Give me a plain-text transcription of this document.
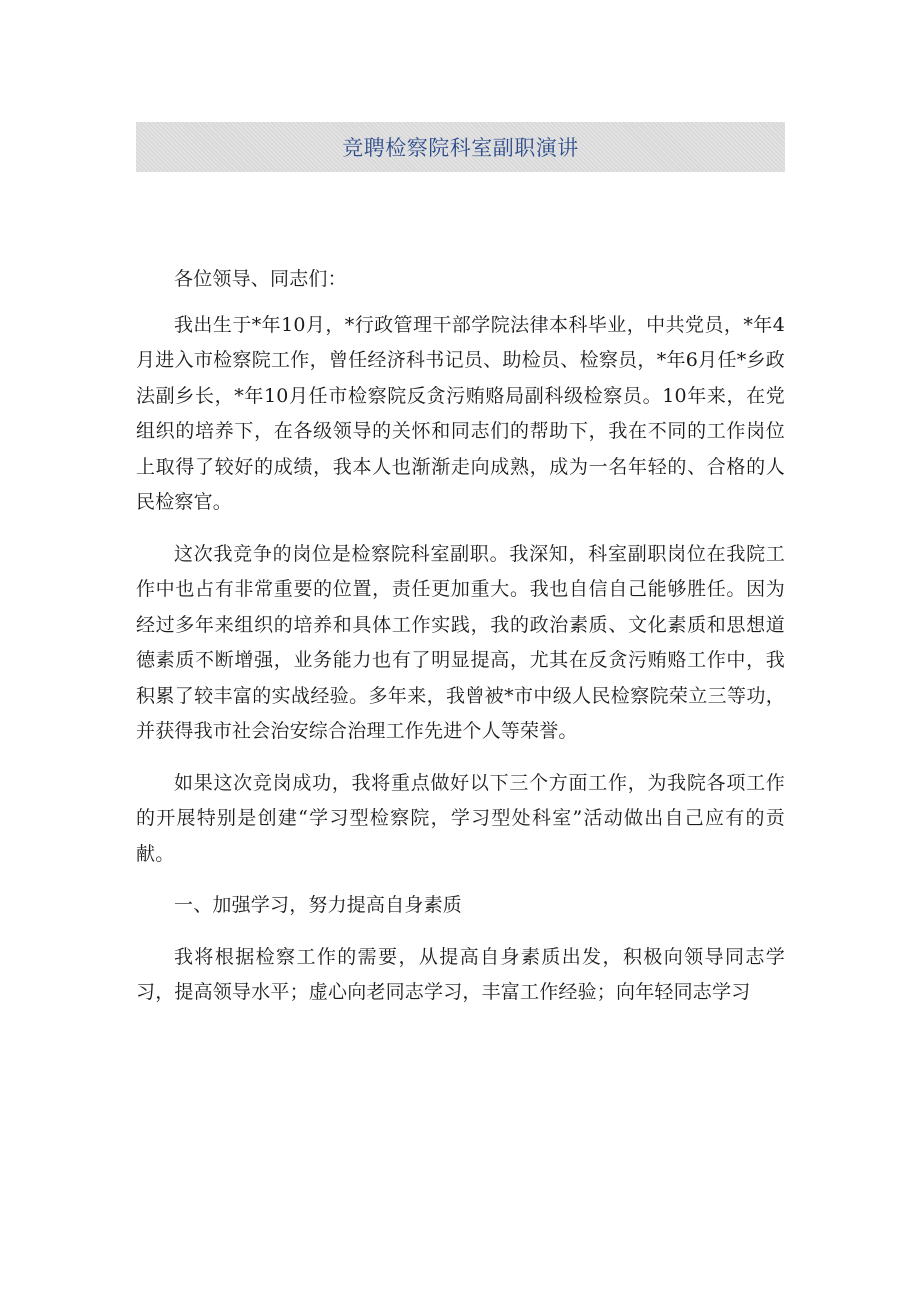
竞聘检察院科室副职演讲

各位领导、同志们：

我出生于*年10月，*行政管理干部学院法律本科毕业，中共党员，*年4月进入市检察院工作，曾任经济科书记员、助检员、检察员，*年6月任*乡政法副乡长，*年10月任市检察院反贪污贿赂局副科级检察员。10年来，在党组织的培养下，在各级领导的关怀和同志们的帮助下，我在不同的工作岗位上取得了较好的成绩，我本人也渐渐走向成熟，成为一名年轻的、合格的人民检察官。

这次我竞争的岗位是检察院科室副职。我深知，科室副职岗位在我院工作中也占有非常重要的位置，责任更加重大。我也自信自己能够胜任。因为经过多年来组织的培养和具体工作实践，我的政治素质、文化素质和思想道德素质不断增强，业务能力也有了明显提高，尤其在反贪污贿赂工作中，我积累了较丰富的实战经验。多年来，我曾被*市中级人民检察院荣立三等功，并获得我市社会治安综合治理工作先进个人等荣誉。

如果这次竞岗成功，我将重点做好以下三个方面工作，为我院各项工作的开展特别是创建“学习型检察院，学习型处科室”活动做出自己应有的贡献。

一、加强学习，努力提高自身素质

我将根据检察工作的需要，从提高自身素质出发，积极向领导同志学习，提高领导水平；虚心向老同志学习，丰富工作经验；向年轻同志学习
